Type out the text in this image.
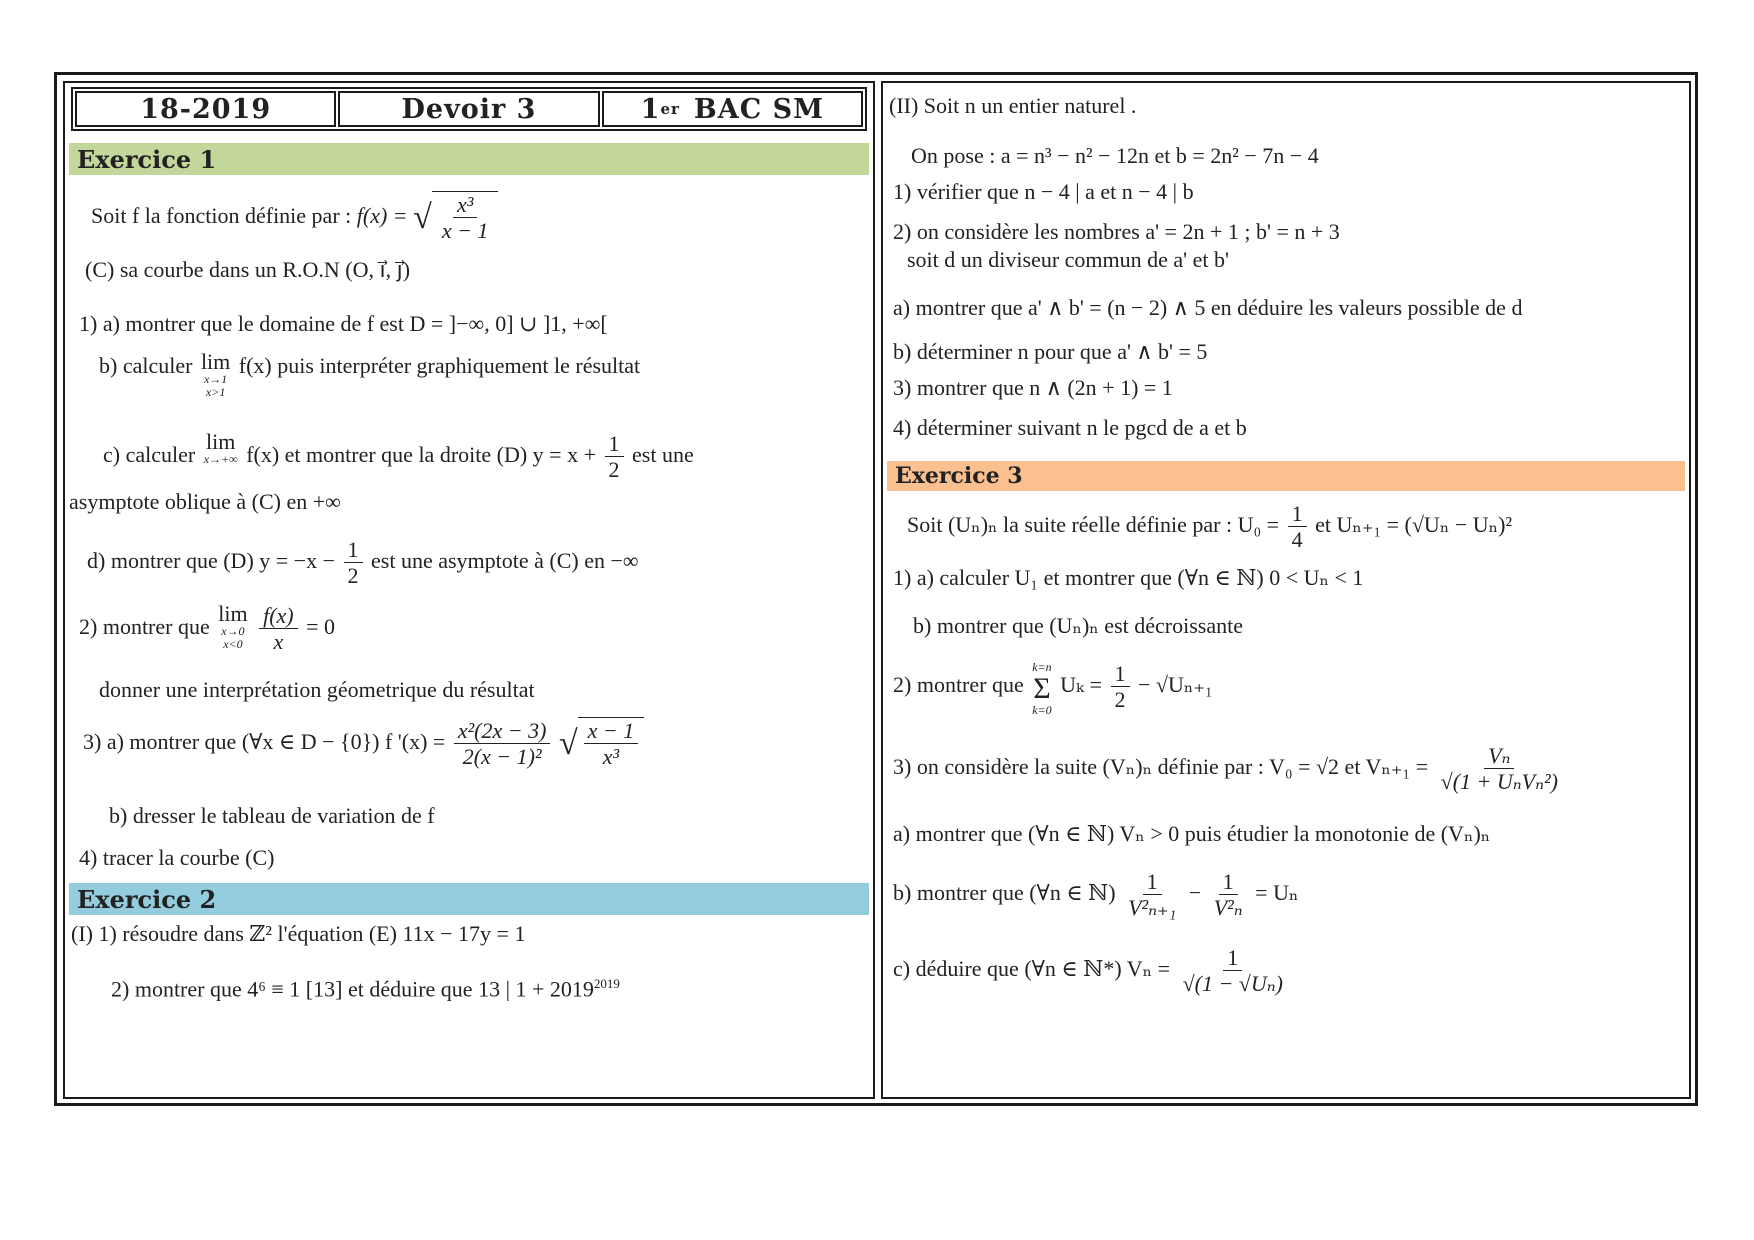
18-2019	Devoir 3	1 er BAC SM
Exercice 1
Soit f la fonction définie par : f(x) = √ $\frac{\text{x³}}{x - 1}$
(C) sa courbe dans un R.O.N (O, i⃗, j⃗)
1) a) montrer que le domaine de f est D = ]−∞, 0] ∪ ]1, +∞[
b) calculer lim
x→1
x>1
f(x) puis interpréter graphiquement le résultat
c) calculer
lim
x→+∞ f(x) et montrer que la droite (D) $y = x + \frac{1}{2}$ est une
asymptote oblique à (C) en +∞
d) montrer que (D) $y = -x - \frac{1}{2}$ est une asymptote à (C) en −∞
2) montrer que
lim
x→0
x<0
$\frac{f(x)}{x} = 0$
donner une interprétation géometrique du résultat
3) a) montrer que (∀x ∈ D − {0}) f '$(x) = \frac{\text{x²(2x − 3)}}{\text{2(x − 1)²}}$ √ $\frac{x - 1}{\text{x³}}$
b) dresser le tableau de variation de f
4) tracer la courbe (C)
Exercice 2
(I) 1) résoudre dans ℤ² l'équation (E) 11x − 17y = 1
2) montrer que 4⁶ ≡ 1 [13] et déduire que 13 | $1 + 2019^{2019}$
(II) Soit n un entier naturel .
On pose : a = n³ − n² − 12n et b = 2n² − 7n − 4
1) vérifier que n − 4 | a et n − 4 | b
2) on considère les nombres a' = 2n + 1 ; b' = n + 3
soit d un diviseur commun de a' et b'
a) montrer que a' ∧ b' = (n − 2) ∧ 5 en déduire les valeurs possible de d
b) déterminer n pour que a' ∧ b' = 5
3) montrer que n ∧ (2n + 1) = 1
4) déterminer suivant n le pgcd de a et b
Exercice 3
Soit (Uₙ)ₙ la suite réelle définie par : $U_0 = \frac{1}{4}$ et Uₙ₊₁ = (√Uₙ − Uₙ)²
1) a) calculer U₁ et montrer que (∀n ∈ ℕ) 0 < Uₙ < 1
b) montrer que (Uₙ)ₙ est décroissante
2) montrer que
k=n
Σ
k=0
$U_k = \frac{1}{2} - √U_{n+1}$
3) on considère la suite (Vₙ)ₙ définie par : V₀ = √2 et $V_{n+1} = \frac{\text{Vₙ}}{\text{√(1 + UₙVₙ²)}}$
a) montrer que (∀n ∈ ℕ) Vₙ > 0 puis étudier la monotonie de (Vₙ)ₙ
b) montrer que (∀n ∈ ℕ) $\frac{1}{\text{V²ₙ₊₁}} - \frac{1}{\text{V²ₙ}} = U_n$
c) déduire que (∀n ∈ ℕ*) $V_n = \frac{1}{\text{√(1 − √Uₙ)}}$
